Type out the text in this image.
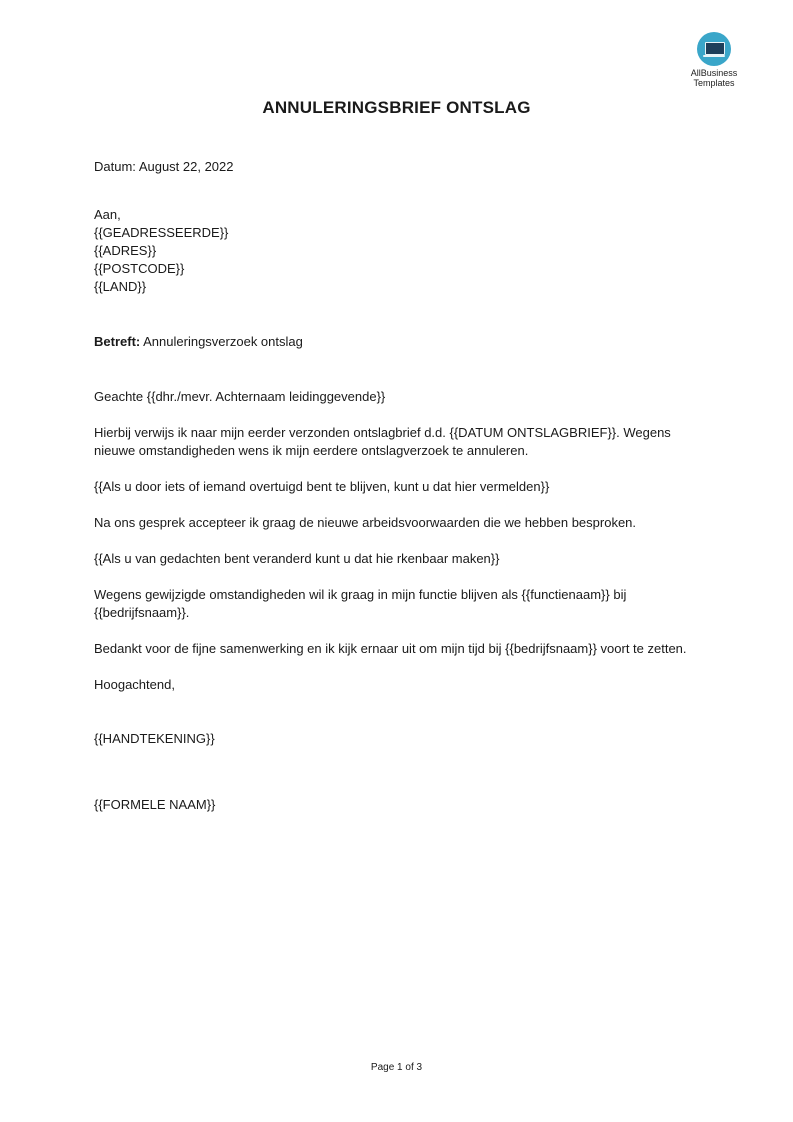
AllBusiness
Templates
ANNULERINGSBRIEF ONTSLAG

Datum: August 22, 2022

Aan,

{{GEADRESSEERDE}}

{{ADRES}}

{{POSTCODE}}

{{LAND}}

Betreft: Annuleringsverzoek ontslag

Geachte {{dhr./mevr. Achternaam leidinggevende}}

Hierbij verwijs ik naar mijn eerder verzonden ontslagbrief d.d. {{DATUM ONTSLAGBRIEF}}. Wegens nieuwe omstandigheden wens ik mijn eerdere ontslagverzoek te annuleren.

{{Als u door iets of iemand overtuigd bent te blijven, kunt u dat hier vermelden}}

Na ons gesprek accepteer ik graag de nieuwe arbeidsvoorwaarden die we hebben besproken.

{{Als u van gedachten bent veranderd kunt u dat hie rkenbaar maken}}

Wegens gewijzigde omstandigheden wil ik graag in mijn functie blijven als {{functienaam}} bij {{bedrijfsnaam}}.

Bedankt voor de fijne samenwerking en ik kijk ernaar uit om mijn tijd bij {{bedrijfsnaam}} voort te zetten.

Hoogachtend,

{{HANDTEKENING}}

{{FORMELE NAAM}}

Page 1 of 3
